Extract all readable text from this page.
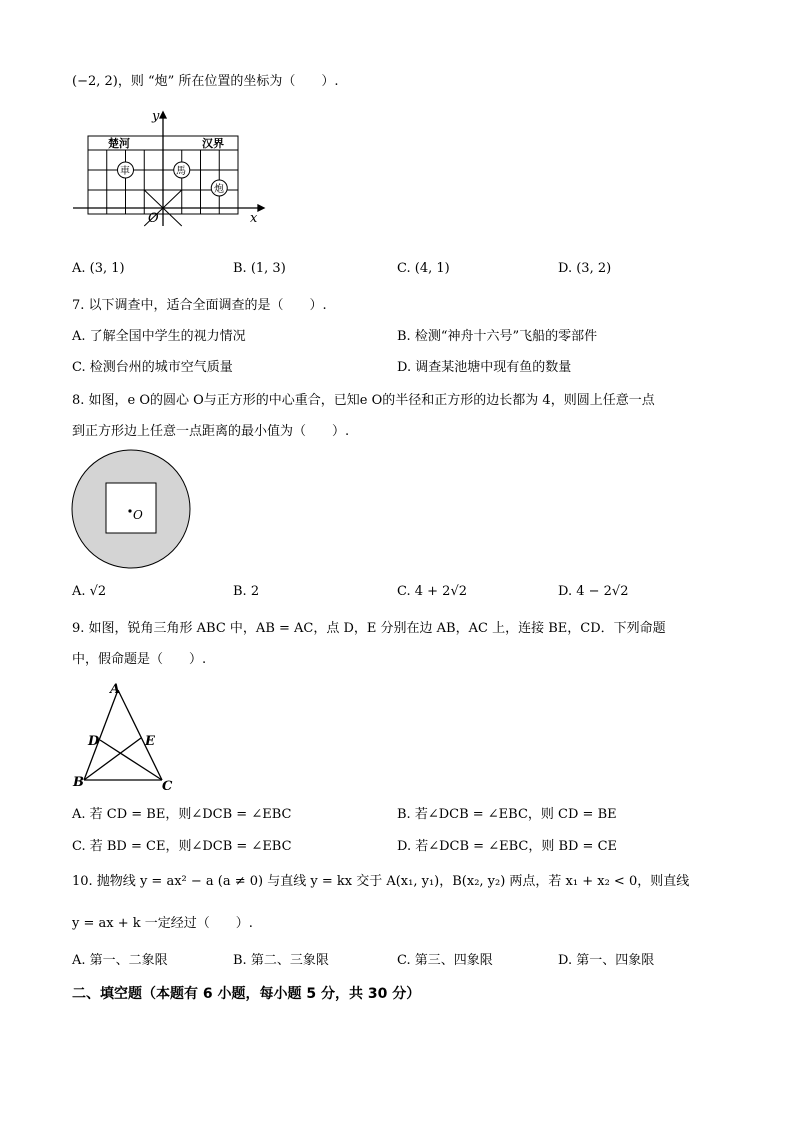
(−2, 2)，则 “炮” 所在位置的坐标为（　　）.
y
x
O
楚河	汉界
車	馬
炮
A. (3, 1)	B. (1, 3)	C. (4, 1)	D. (3, 2)
7. 以下调查中，适合全面调查的是（　　）.
A. 了解全国中学生的视力情况	B. 检测“神舟十六号”飞船的零部件
C. 检测台州的城市空气质量	D. 调查某池塘中现有鱼的数量
8. 如图，e O的圆心 O与正方形的中心重合，已知e O的半径和正方形的边长都为 4，则圆上任意一点
到正方形边上任意一点距离的最小值为（　　）.
O
A. √2	B. 2	C. 4 + 2√2	D. 4 − 2√2
9. 如图，锐角三角形 ABC 中，AB = AC，点 D，E 分别在边 AB，AC 上，连接 BE，CD．下列命题
中，假命题是（　　）.
A
D	E
B	C
A. 若 CD = BE，则∠DCB = ∠EBC	B. 若∠DCB = ∠EBC，则 CD = BE
C. 若 BD = CE，则∠DCB = ∠EBC	D. 若∠DCB = ∠EBC，则 BD = CE
10. 抛物线 y = ax² − a (a ≠ 0) 与直线 y = kx 交于 A(x₁, y₁)，B(x₂, y₂) 两点，若 x₁ + x₂ < 0，则直线
y = ax + k 一定经过（　　）.
A. 第一、二象限	B. 第二、三象限	C. 第三、四象限	D. 第一、四象限
二、填空题（本题有 6 小题，每小题 5 分，共 30 分）
